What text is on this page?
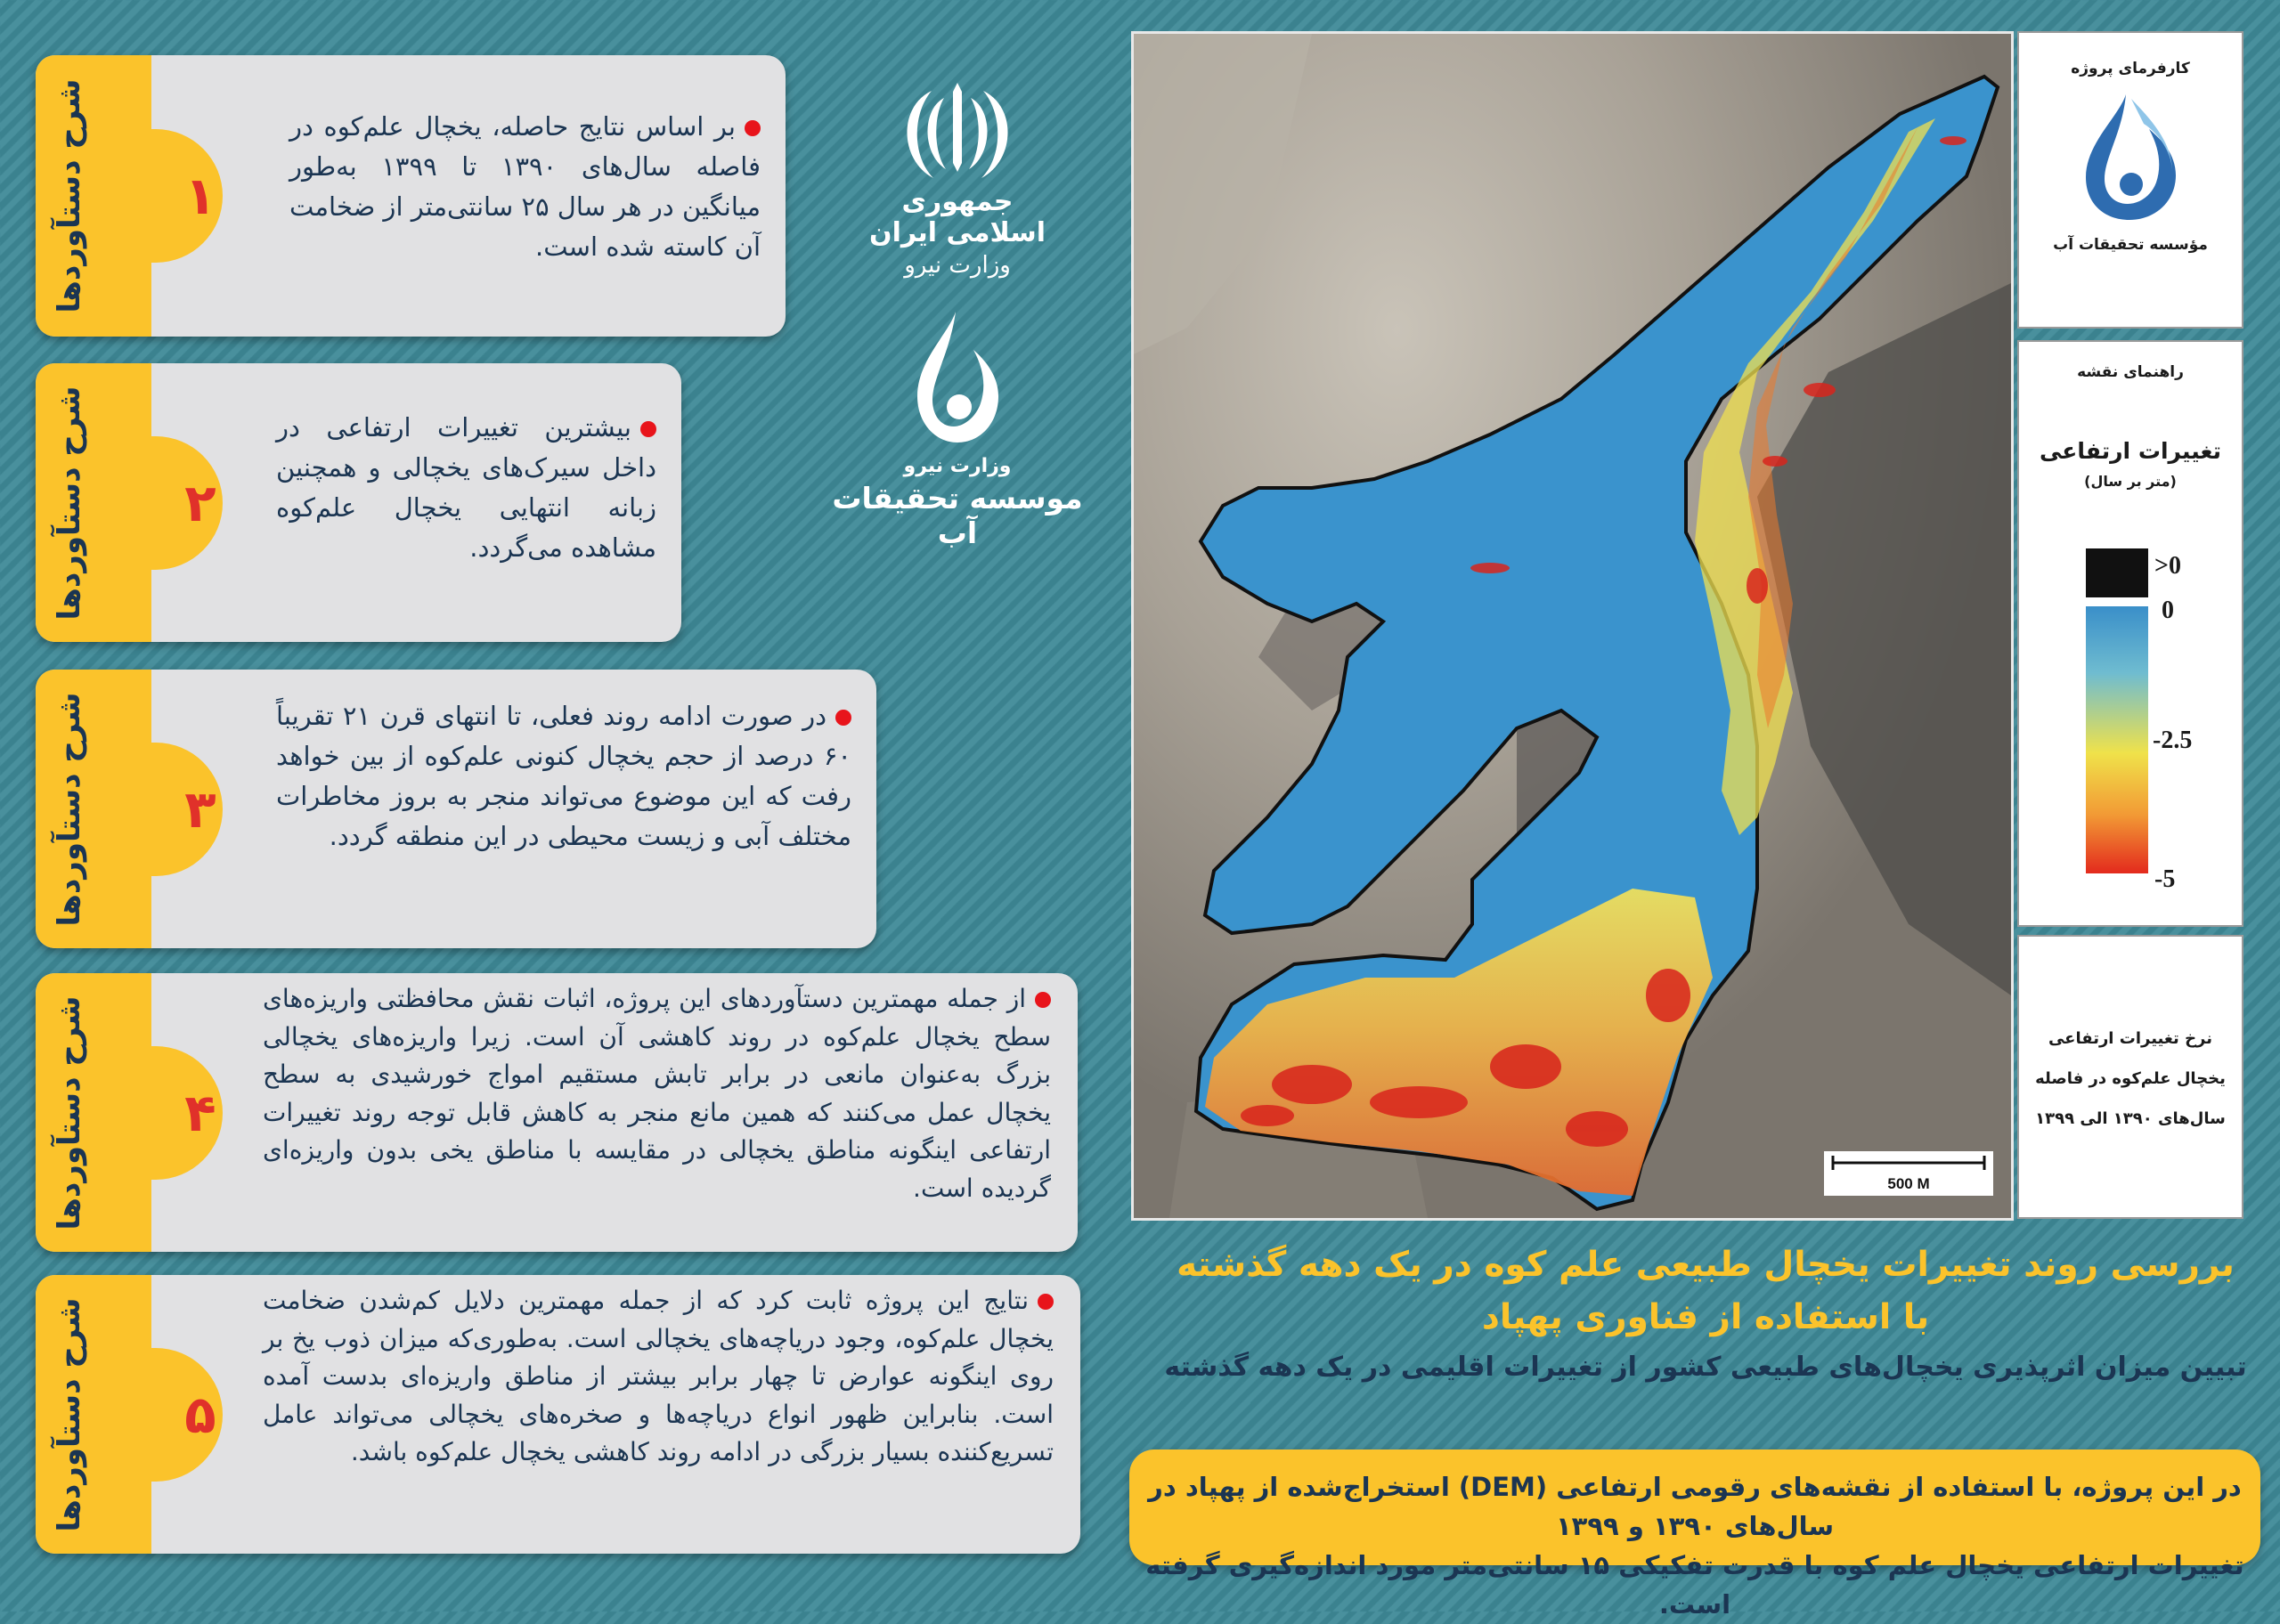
شرح دستآوردها ۱
بر اساس نتایج حاصله، یخچال علم‌کوه در فاصله سال‌های ۱۳۹۰ تا ۱۳۹۹ به‌طور میانگین در هر سال ۲۵ سانتی‌متر از ضخامت آن کاسته شده است.
شرح دستآوردها ۲
بیشترین تغییرات ارتفاعی در داخل سیرک‌های یخچالی و همچنین زبانه انتهایی یخچال علم‌کوه مشاهده می‌گردد.
شرح دستآوردها ۳
در صورت ادامه روند فعلی، تا انتهای قرن ۲۱ تقریباً ۶۰ درصد از حجم یخچال کنونی علم‌کوه از بین خواهد رفت که این موضوع می‌تواند منجر به بروز مخاطرات مختلف آبی و زیست محیطی در این منطقه گردد.
شرح دستآوردها ۴
از جمله مهمترین دستآوردهای این پروژه، اثبات نقش محافظتی واریزه‌های سطح یخچال علم‌کوه در روند کاهشی آن است. زیرا واریزه‌های یخچالی بزرگ به‌عنوان مانعی در برابر تابش مستقیم امواج خورشیدی به سطح یخچال عمل می‌کنند که همین مانع منجر به کاهش قابل توجه روند تغییرات ارتفاعی اینگونه مناطق یخچالی در مقایسه با مناطق یخی بدون واریزه‌ای گردیده است.
شرح دستآوردها ۵
نتایج این پروژه ثابت کرد که از جمله مهمترین دلایل کم‌شدن ضخامت یخچال علم‌کوه، وجود دریاچه‌های یخچالی است. به‌طوری‌که میزان ذوب یخ بر روی اینگونه عوارض تا چهار برابر بیشتر از مناطق واریزه‌ای بدست آمده است. بنابراین ظهور انواع دریاچه‌ها و صخره‌های یخچالی می‌تواند عامل تسریع‌کننده بسیار بزرگی در ادامه روند کاهشی یخچال علم‌کوه باشد.
جمهوری اسلامی ایران
وزارت نیرو
وزارت نیرو
موسسه تحقیقات آب
500 M
کارفرمای پروژه
مؤسسه تحقیقات آب
راهنمای نقشه
تغییرات ارتفاعی
(متر بر سال)
>0
0
-2.5
-5
نرخ تغییرات ارتفاعی
یخچال علم‌کوه در فاصله
سال‌های ۱۳۹۰ الی ۱۳۹۹
بررسی روند تغییرات یخچال طبیعی علم کوه در یک دهه گذشته
با استفاده از فناوری پهپاد
تبیین میزان اثرپذیری یخچال‌های طبیعی کشور از تغییرات اقلیمی در یک دهه گذشته
در این پروژه، با استفاده از نقشه‌های رقومی ارتفاعی (DEM) استخراج‌شده از پهپاد در سال‌های ۱۳۹۰ و ۱۳۹۹
تغییرات ارتفاعی یخچال علم کوه با قدرت تفکیکی ۱۵ سانتی‌متر مورد اندازه‌گیری گرفته است.
